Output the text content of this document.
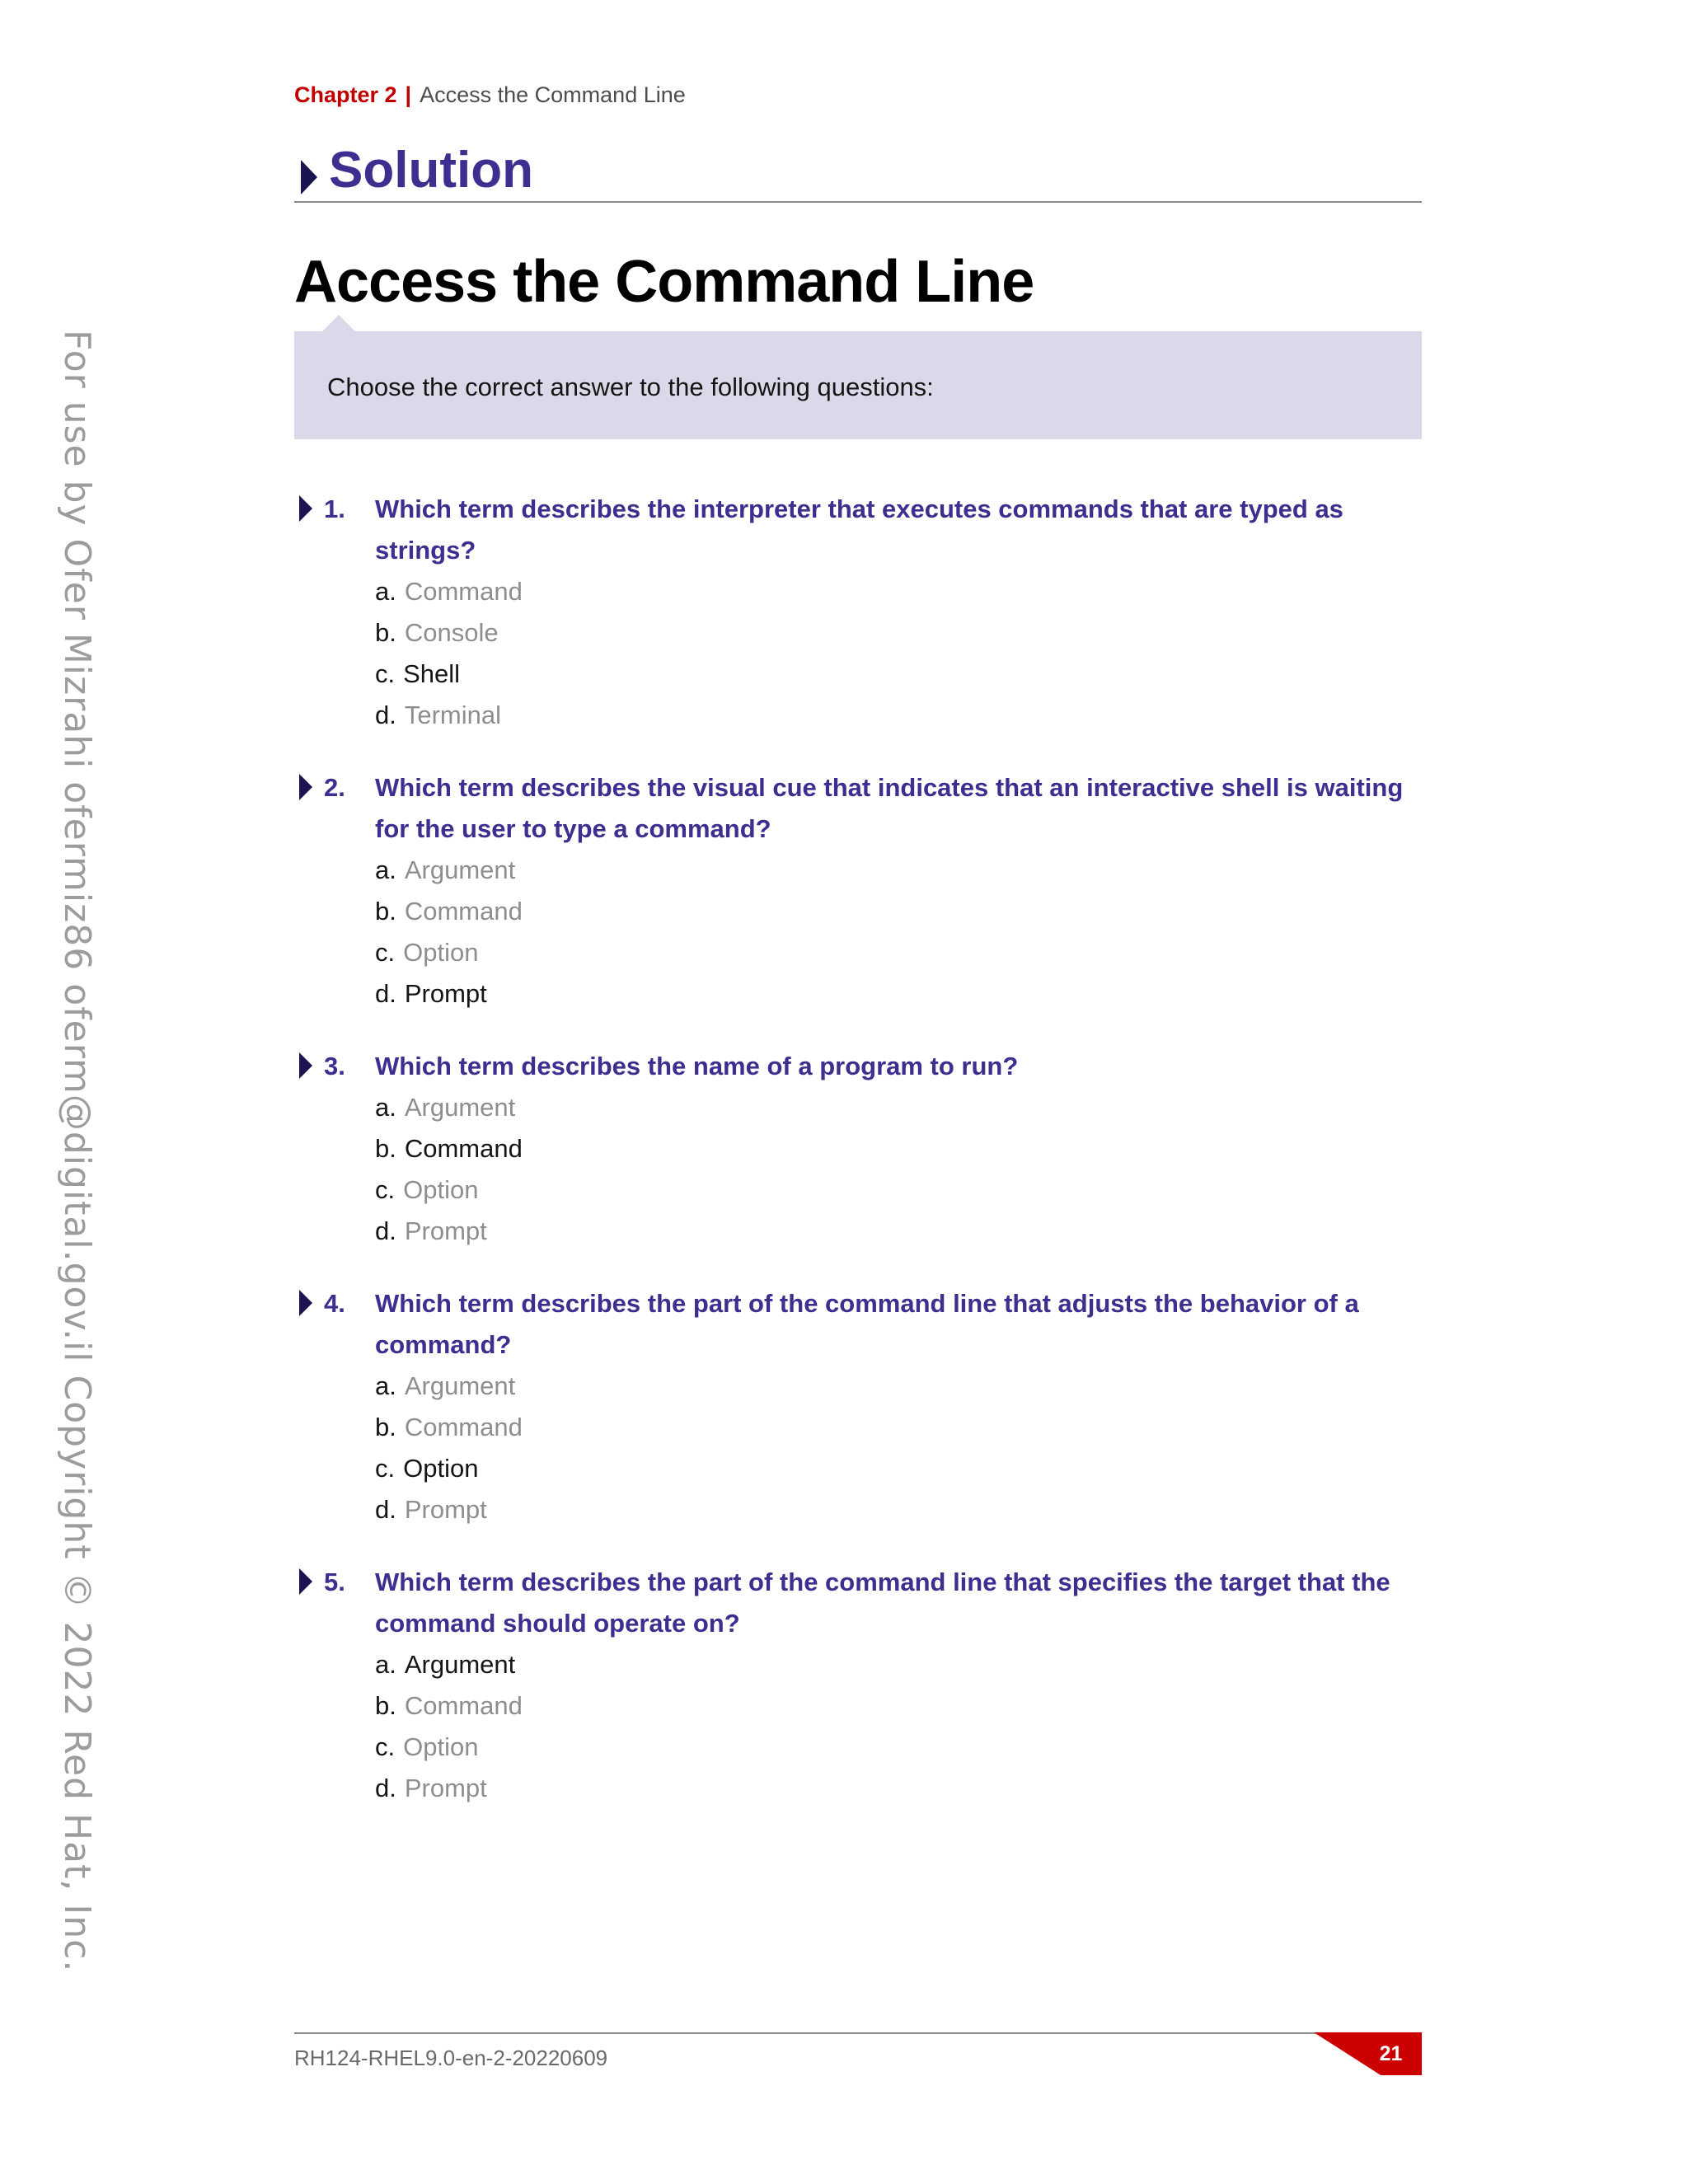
For use by Ofer Mizrahi ofermiz86 oferm@digital.gov.il Copyright © 2022 Red Hat, Inc.
Chapter 2 | Access the Command Line
Solution
Access the Command Line
Choose the correct answer to the following questions:
1. Which term describes the interpreter that executes commands that are typed as strings?
a. Command
b. Console
c. Shell
d. Terminal
2. Which term describes the visual cue that indicates that an interactive shell is waiting for the user to type a command?
a. Argument
b. Command
c. Option
d. Prompt
3. Which term describes the name of a program to run?
a. Argument
b. Command
c. Option
d. Prompt
4. Which term describes the part of the command line that adjusts the behavior of a command?
a. Argument
b. Command
c. Option
d. Prompt
5. Which term describes the part of the command line that specifies the target that the command should operate on?
a. Argument
b. Command
c. Option
d. Prompt
RH124-RHEL9.0-en-2-20220609	21
